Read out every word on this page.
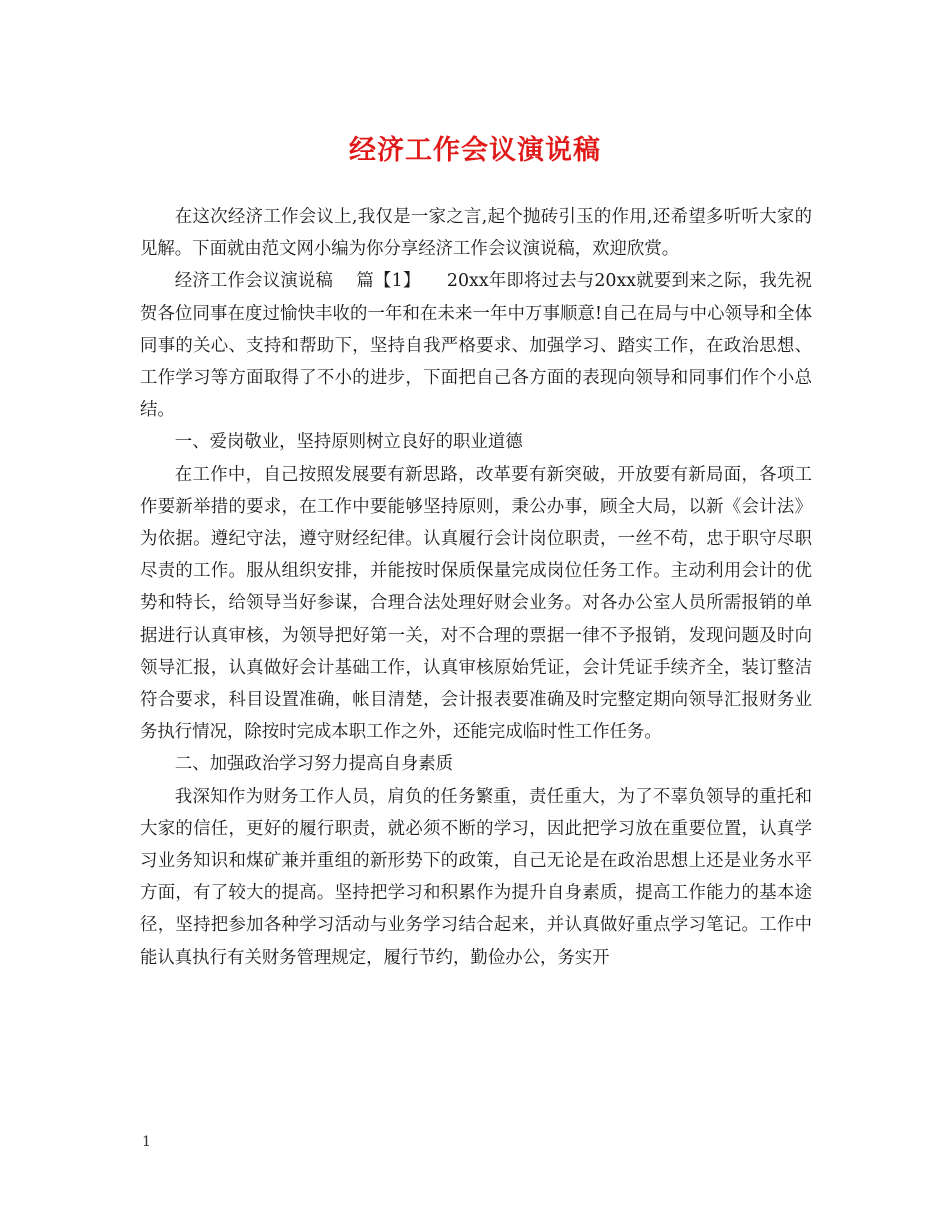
经济工作会议演说稿

在这次经济工作会议上,我仅是一家之言,起个抛砖引玉的作用,还希望多听听大家的见解。下面就由范文网小编为你分享经济工作会议演说稿，欢迎欣赏。

经济工作会议演说稿　 篇【1】　　20xx年即将过去与20xx就要到来之际，我先祝贺各位同事在度过愉快丰收的一年和在未来一年中万事顺意!自己在局与中心领导和全体同事的关心、支持和帮助下，坚持自我严格要求、加强学习、踏实工作，在政治思想、工作学习等方面取得了不小的进步，下面把自己各方面的表现向领导和同事们作个小总结。

一、爱岗敬业，坚持原则树立良好的职业道德

在工作中，自己按照发展要有新思路，改革要有新突破，开放要有新局面，各项工作要新举措的要求，在工作中要能够坚持原则，秉公办事，顾全大局，以新《会计法》为依据。遵纪守法，遵守财经纪律。认真履行会计岗位职责，一丝不苟，忠于职守尽职尽责的工作。服从组织安排，并能按时保质保量完成岗位任务工作。主动利用会计的优势和特长，给领导当好参谋，合理合法处理好财会业务。对各办公室人员所需报销的单据进行认真审核，为领导把好第一关，对不合理的票据一律不予报销，发现问题及时向领导汇报，认真做好会计基础工作，认真审核原始凭证，会计凭证手续齐全，装订整洁符合要求，科目设置准确，帐目清楚，会计报表要准确及时完整定期向领导汇报财务业务执行情况，除按时完成本职工作之外，还能完成临时性工作任务。

二、加强政治学习努力提高自身素质

我深知作为财务工作人员，肩负的任务繁重，责任重大，为了不辜负领导的重托和大家的信任，更好的履行职责，就必须不断的学习，因此把学习放在重要位置，认真学习业务知识和煤矿兼并重组的新形势下的政策，自己无论是在政治思想上还是业务水平方面，有了较大的提高。坚持把学习和积累作为提升自身素质，提高工作能力的基本途径，坚持把参加各种学习活动与业务学习结合起来，并认真做好重点学习笔记。工作中能认真执行有关财务管理规定，履行节约，勤俭办公，务实开

1
